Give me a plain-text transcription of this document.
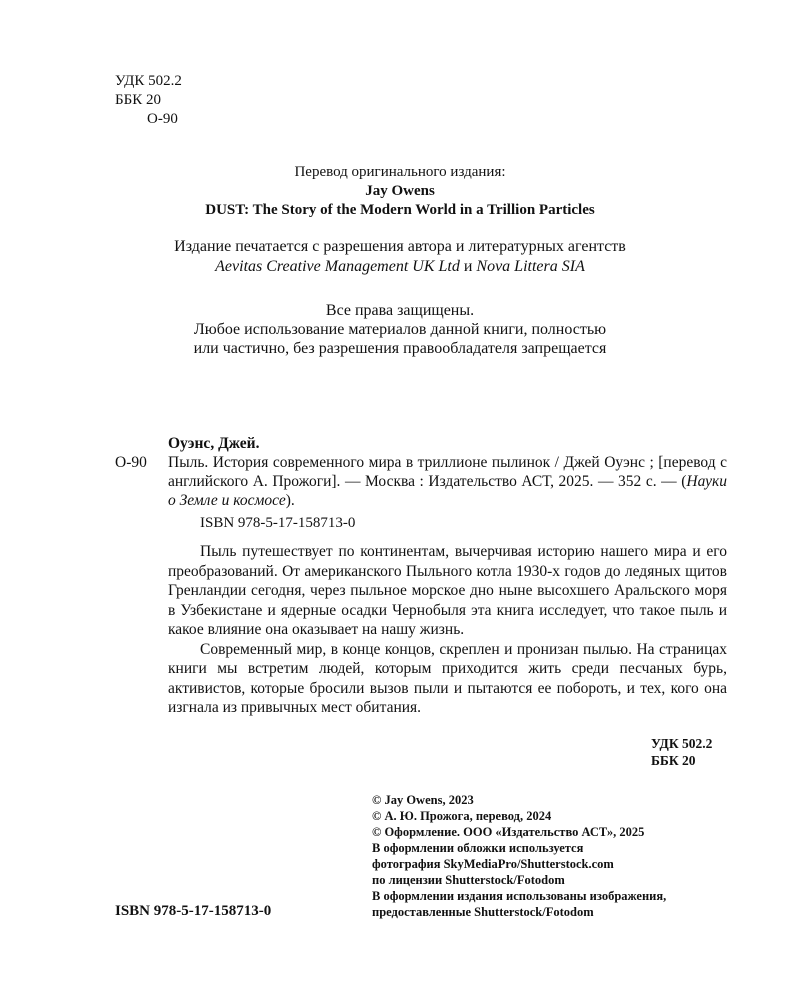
УДК 502.2
ББК 20
О-90
Перевод оригинального издания:
Jay Owens
DUST: The Story of the Modern World in a Trillion Particles
Издание печатается с разрешения автора и литературных агентств
Aevitas Creative Management UK Ltd и Nova Littera SIA
Все права защищены.
Любое использование материалов данной книги, полностью
или частично, без разрешения правообладателя запрещается
Оуэнс, Джей.
О-90 Пыль. История современного мира в триллионе пылинок / Джей Оуэнс ; [перевод с английского А. Прожоги]. — Москва : Издательство АСТ, 2025. — 352 с. — (Науки о Земле и космосе).
ISBN 978-5-17-158713-0

Пыль путешествует по континентам, вычерчивая историю нашего мира и его преобразований. От американского Пыльного котла 1930-х годов до ледяных щитов Гренландии сегодня, через пыльное морское дно ныне высохшего Аральского моря в Узбекистане и ядерные осадки Чернобыля эта книга исследует, что такое пыль и какое влияние она оказывает на нашу жизнь.

Современный мир, в конце концов, скреплен и пронизан пылью. На страницах книги мы встретим людей, которым приходится жить среди песчаных бурь, активистов, которые бросили вызов пыли и пытаются ее побороть, и тех, кого она изгнала из привычных мест обитания.

УДК 502.2
ББК 20
© Jay Owens, 2023
© А. Ю. Прожога, перевод, 2024
© Оформление. ООО «Издательство АСТ», 2025
В оформлении обложки используется
фотография SkyMediaPro/Shutterstock.com
по лицензии Shutterstock/Fotodom
В оформлении издания использованы изображения,
предоставленные Shutterstock/Fotodom
ISBN 978-5-17-158713-0
